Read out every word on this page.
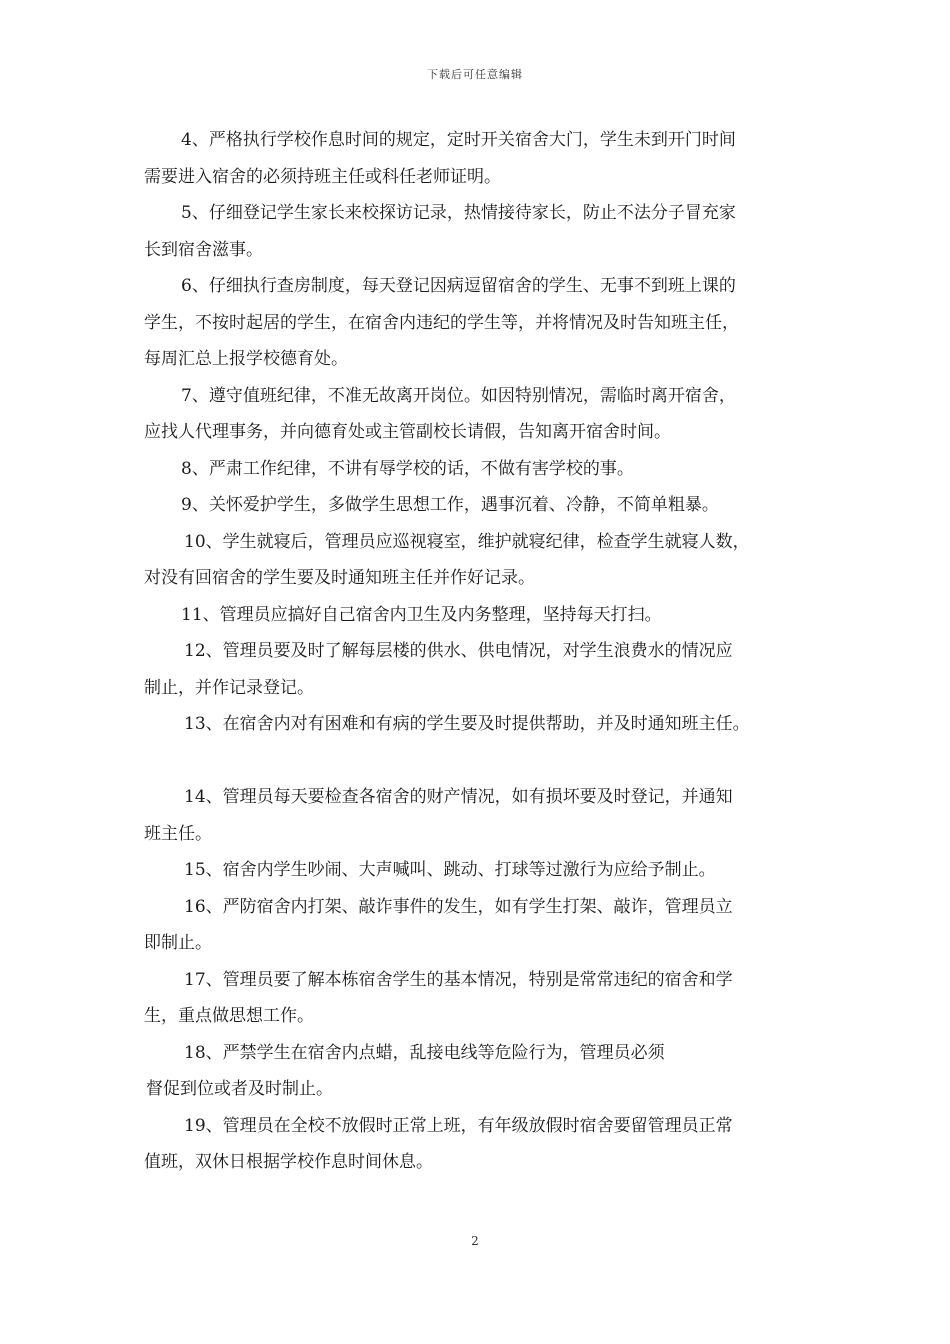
下载后可任意编辑
4、严格执行学校作息时间的规定，定时开关宿舍大门，学生未到开门时间
需要进入宿舍的必须持班主任或科任老师证明。
5、仔细登记学生家长来校探访记录，热情接待家长，防止不法分子冒充家
长到宿舍滋事。
6、仔细执行查房制度，每天登记因病逗留宿舍的学生、无事不到班上课的
学生，不按时起居的学生，在宿舍内违纪的学生等，并将情况及时告知班主任，
每周汇总上报学校德育处。
7、遵守值班纪律，不准无故离开岗位。如因特别情况，需临时离开宿舍，
应找人代理事务，并向德育处或主管副校长请假，告知离开宿舍时间。
8、严肃工作纪律，不讲有辱学校的话，不做有害学校的事。
9、关怀爱护学生，多做学生思想工作，遇事沉着、冷静，不简单粗暴。
10、学生就寝后，管理员应巡视寝室，维护就寝纪律，检查学生就寝人数，
对没有回宿舍的学生要及时通知班主任并作好记录。
11、管理员应搞好自己宿舍内卫生及内务整理，坚持每天打扫。
12、管理员要及时了解每层楼的供水、供电情况，对学生浪费水的情况应
制止，并作记录登记。
13、在宿舍内对有困难和有病的学生要及时提供帮助，并及时通知班主任。
14、管理员每天要检查各宿舍的财产情况，如有损坏要及时登记，并通知
班主任。
15、宿舍内学生吵闹、大声喊叫、跳动、打球等过激行为应给予制止。
16、严防宿舍内打架、敲诈事件的发生，如有学生打架、敲诈，管理员立
即制止。
17、管理员要了解本栋宿舍学生的基本情况，特别是常常违纪的宿舍和学
生，重点做思想工作。
18、严禁学生在宿舍内点蜡，乱接电线等危险行为，管理员必须
督促到位或者及时制止。
19、管理员在全校不放假时正常上班，有年级放假时宿舍要留管理员正常
值班，双休日根据学校作息时间休息。
2
